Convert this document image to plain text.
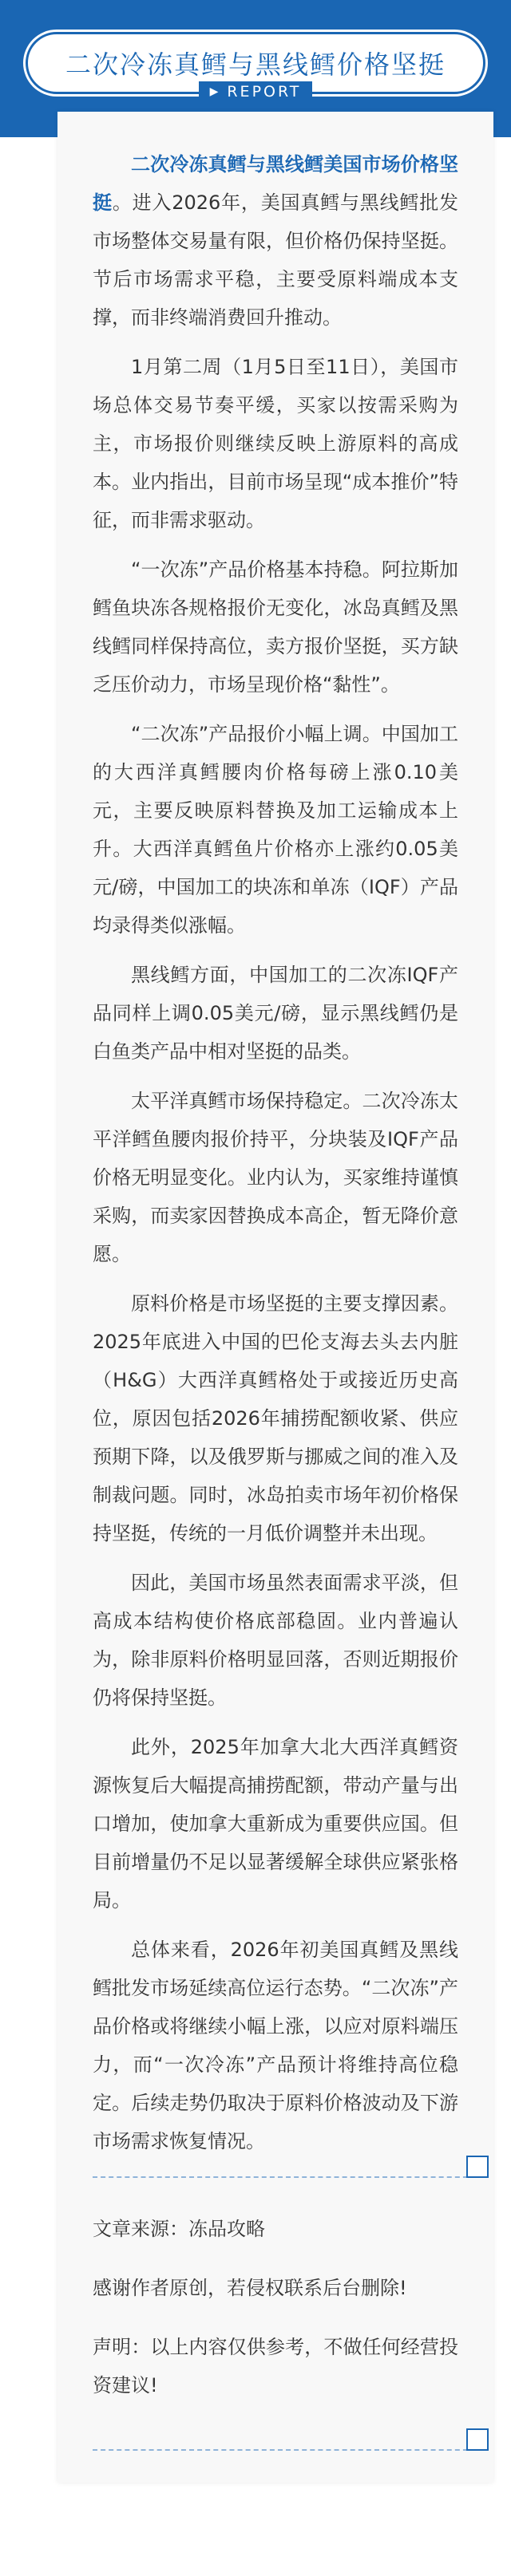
二次冷冻真鳕与黑线鳕价格坚挺

二次冷冻真鳕与黑线鳕美国市场价格坚挺。进入2026年，美国真鳕与黑线鳕批发市场整体交易量有限，但价格仍保持坚挺。节后市场需求平稳，主要受原料端成本支撑，而非终端消费回升推动。

1月第二周（1月5日至11日），美国市场总体交易节奏平缓，买家以按需采购为主，市场报价则继续反映上游原料的高成本。业内指出，目前市场呈现“成本推价”特征，而非需求驱动。

“一次冻”产品价格基本持稳。阿拉斯加鳕鱼块冻各规格报价无变化，冰岛真鳕及黑线鳕同样保持高位，卖方报价坚挺，买方缺乏压价动力，市场呈现价格“黏性”。

“二次冻”产品报价小幅上调。中国加工的大西洋真鳕腰肉价格每磅上涨0.10美元，主要反映原料替换及加工运输成本上升。大西洋真鳕鱼片价格亦上涨约0.05美元/磅，中国加工的块冻和单冻（IQF）产品均录得类似涨幅。

黑线鳕方面，中国加工的二次冻IQF产品同样上调0.05美元/磅，显示黑线鳕仍是白鱼类产品中相对坚挺的品类。

太平洋真鳕市场保持稳定。二次冷冻太平洋鳕鱼腰肉报价持平，分块装及IQF产品价格无明显变化。业内认为，买家维持谨慎采购，而卖家因替换成本高企，暂无降价意愿。

原料价格是市场坚挺的主要支撑因素。2025年底进入中国的巴伦支海去头去内脏（H&G）大西洋真鳕格处于或接近历史高位，原因包括2026年捕捞配额收紧、供应预期下降，以及俄罗斯与挪威之间的准入及制裁问题。同时，冰岛拍卖市场年初价格保持坚挺，传统的一月低价调整并未出现。

因此，美国市场虽然表面需求平淡，但高成本结构使价格底部稳固。业内普遍认为，除非原料价格明显回落，否则近期报价仍将保持坚挺。

此外，2025年加拿大北大西洋真鳕资源恢复后大幅提高捕捞配额，带动产量与出口增加，使加拿大重新成为重要供应国。但目前增量仍不足以显著缓解全球供应紧张格局。

总体来看，2026年初美国真鳕及黑线鳕批发市场延续高位运行态势。“二次冻”产品价格或将继续小幅上涨，以应对原料端压力，而“一次冷冻”产品预计将维持高位稳定。后续走势仍取决于原料价格波动及下游市场需求恢复情况。

文章来源：冻品攻略

感谢作者原创，若侵权联系后台删除!

声明：以上内容仅供参考，不做任何经营投资建议!

▶ REPORT
